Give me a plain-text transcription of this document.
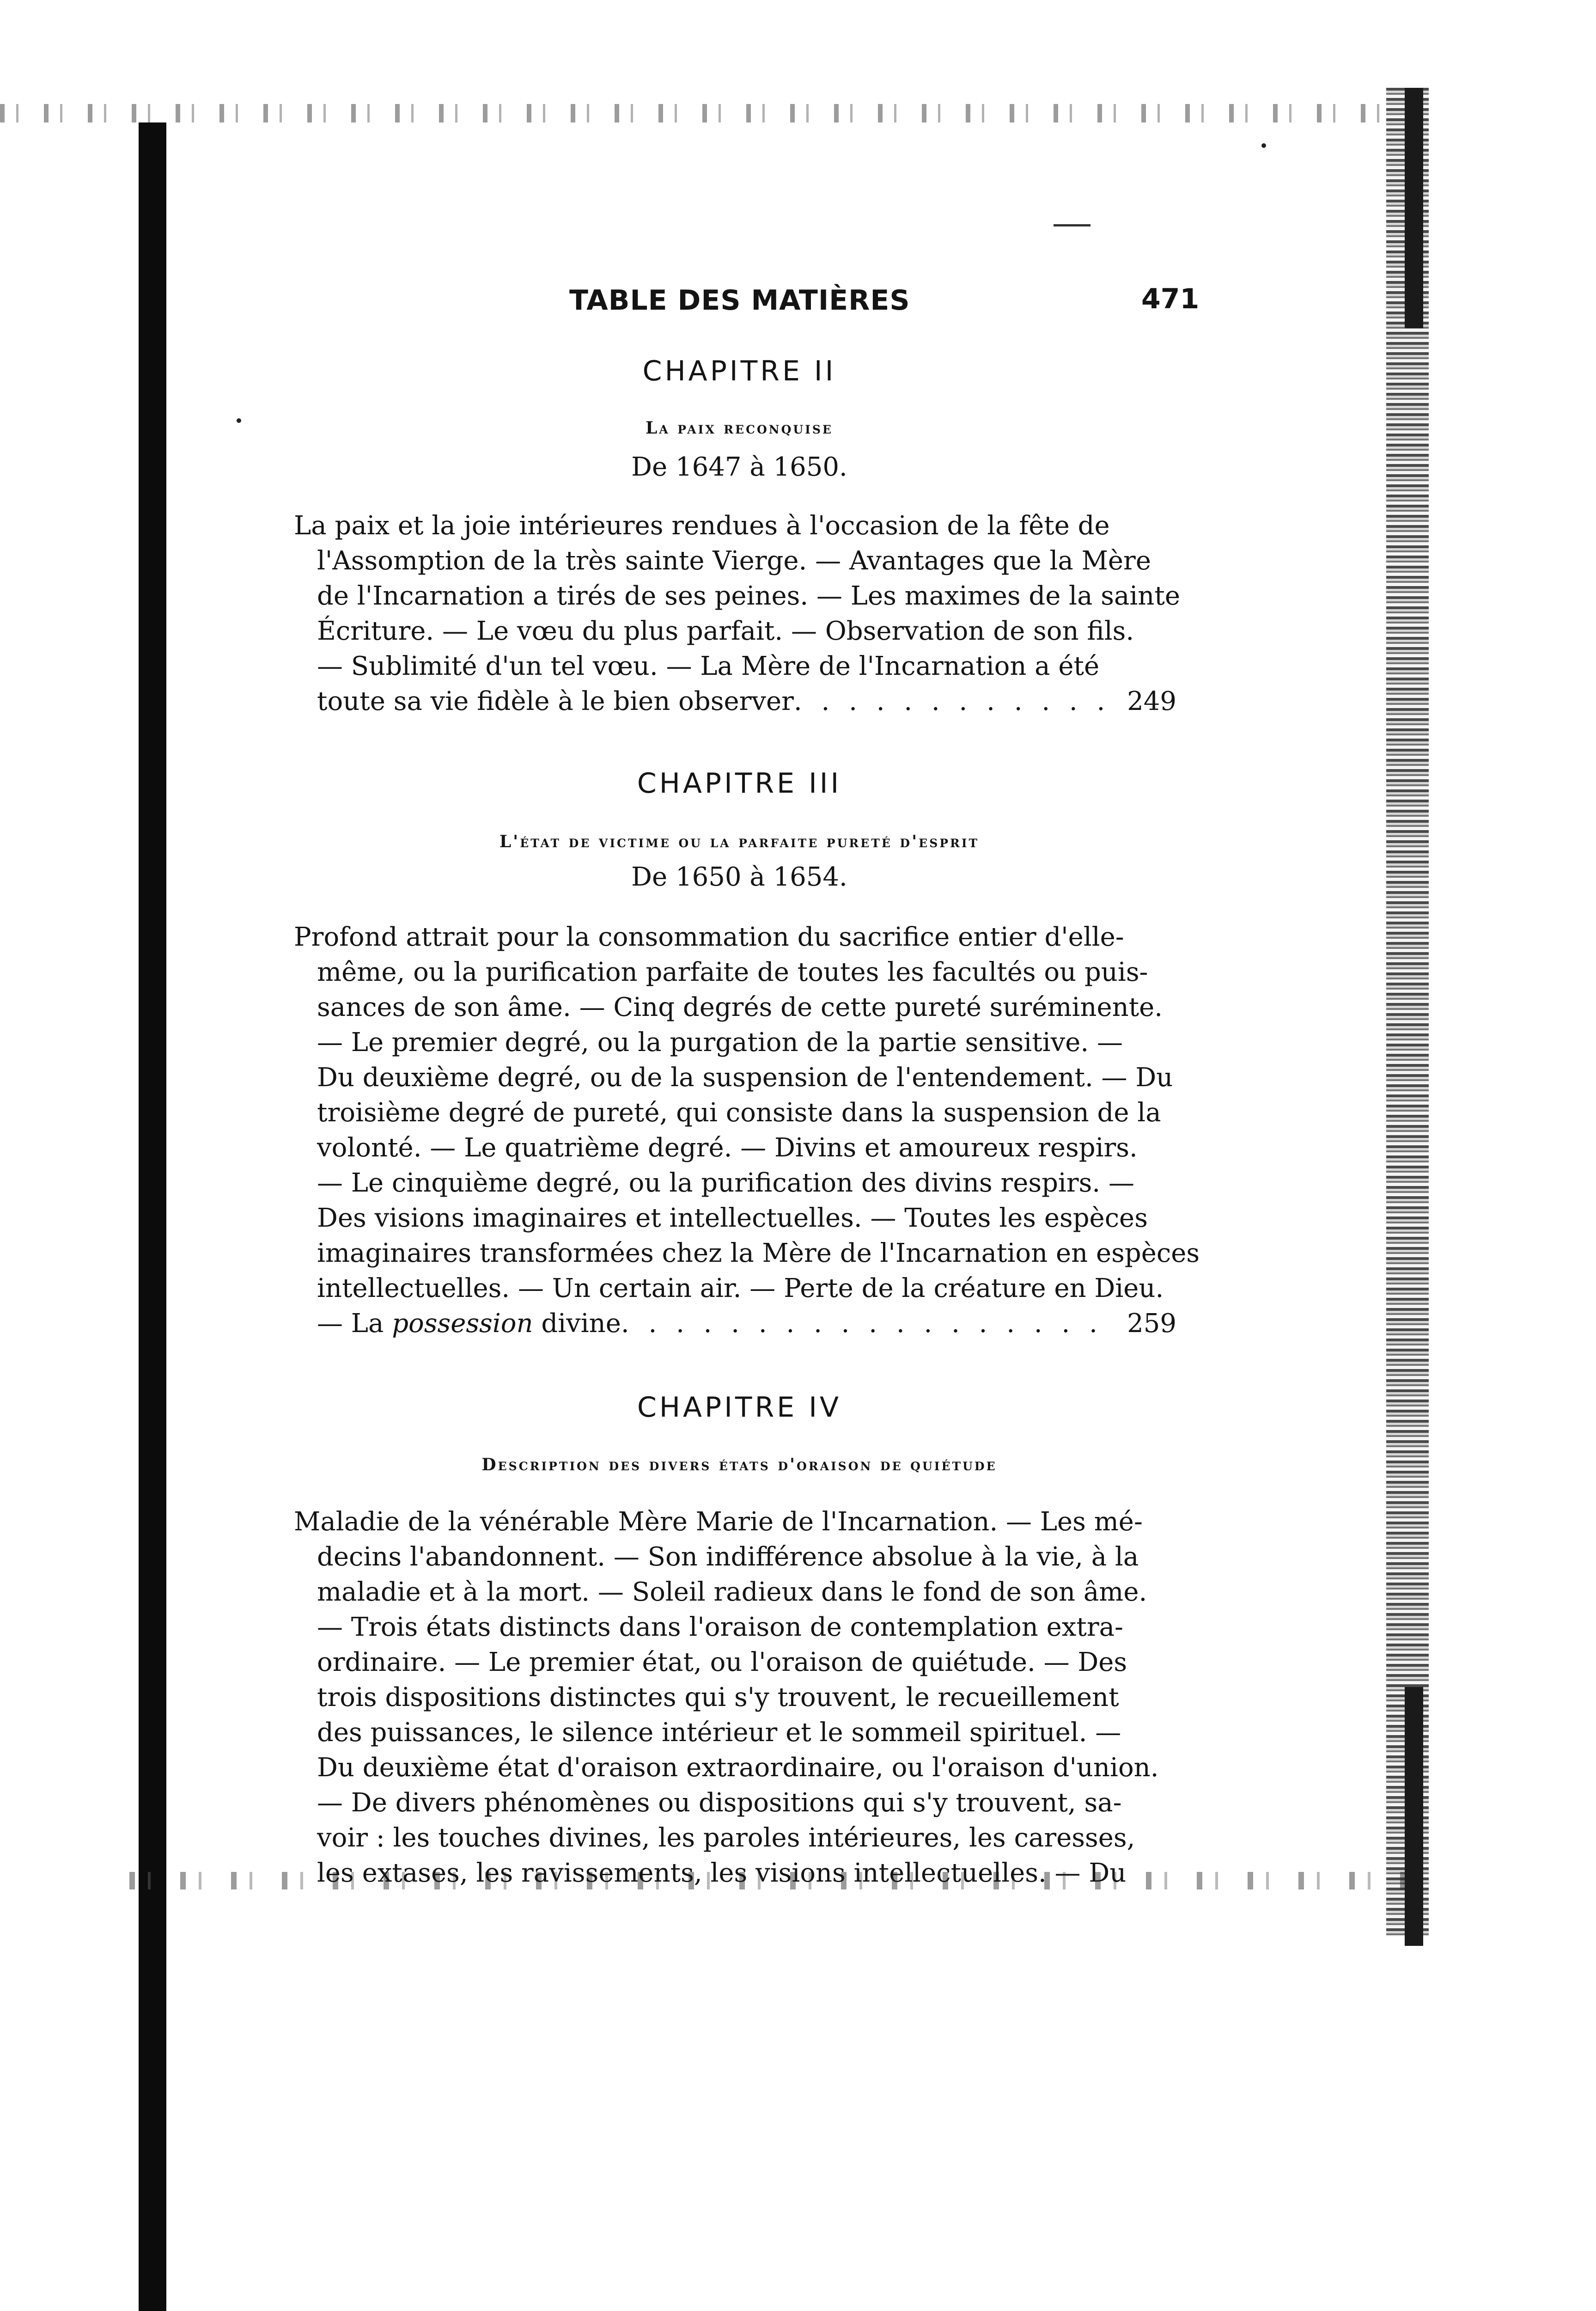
TABLE DES MATIÈRES	471
CHAPITRE II
La paix reconquise
De 1647 à 1650.
La paix et la joie intérieures rendues à l'occasion de la fête de
l'Assomption de la très sainte Vierge. — Avantages que la Mère
de l'Incarnation a tirés de ses peines. — Les maximes de la sainte
Écriture. — Le vœu du plus parfait. — Observation de son fils.
— Sublimité d'un tel vœu. — La Mère de l'Incarnation a été
toute sa vie fidèle à le bien observer . . .	249
CHAPITRE III
L'état de victime ou la parfaite pureté d'esprit
De 1650 à 1654.
Profond attrait pour la consommation du sacrifice entier d'elle-
même, ou la purification parfaite de toutes les facultés ou puis-
sances de son âme. — Cinq degrés de cette pureté suréminente.
— Le premier degré, ou la purgation de la partie sensitive. —
Du deuxième degré, ou de la suspension de l'entendement. — Du
troisième degré de pureté, qui consiste dans la suspension de la
volonté. — Le quatrième degré. — Divins et amoureux respirs.
— Le cinquième degré, ou la purification des divins respirs. —
Des visions imaginaires et intellectuelles. — Toutes les espèces
imaginaires transformées chez la Mère de l'Incarnation en espèces
intellectuelles. — Un certain air. — Perte de la créature en Dieu.
— La possession divine . . .	259
CHAPITRE IV
Description des divers états d'oraison de quiétude
Maladie de la vénérable Mère Marie de l'Incarnation. — Les mé-
decins l'abandonnent. — Son indifférence absolue à la vie, à la
maladie et à la mort. — Soleil radieux dans le fond de son âme.
— Trois états distincts dans l'oraison de contemplation extra-
ordinaire. — Le premier état, ou l'oraison de quiétude. — Des
trois dispositions distinctes qui s'y trouvent, le recueillement
des puissances, le silence intérieur et le sommeil spirituel. —
Du deuxième état d'oraison extraordinaire, ou l'oraison d'union.
— De divers phénomènes ou dispositions qui s'y trouvent, sa-
voir : les touches divines, les paroles intérieures, les caresses,
les extases, les ravissements, les visions intellectuelles. — Du
